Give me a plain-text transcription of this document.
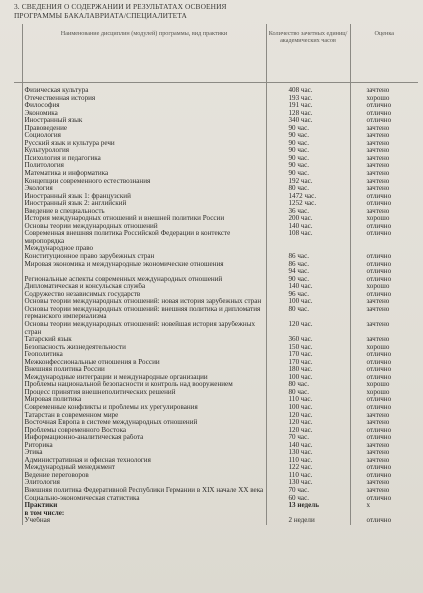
3. СВЕДЕНИЯ О СОДЕРЖАНИИ И РЕЗУЛЬТАТАХ ОСВОЕНИЯ
ПРОГРАММЫ БАКАЛАВРИАТА/СПЕЦИАЛИТЕТА
	Наименование дисциплин (модулей) программы, вид практики	Количество зачетных единиц/академических часов	Оценка

	Физическая культура	408 час.	зачтено
	Отечественная история	193 час.	хорошо
	Философия	191 час.	отлично
	Экономика	128 час.	отлично
	Иностранный язык	340 час.	отлично
	Правоведение	90 час.	зачтено
	Социология	90 час.	зачтено
	Русский язык и культура речи	90 час.	зачтено
	Культурология	90 час.	зачтено
	Психология и педагогика	90 час.	зачтено
	Политология	90 час.	зачтено
	Математика и информатика	90 час.	зачтено
	Концепции современного естествознания	192 час.	зачтено
	Экология	80 час.	зачтено
	Иностранный язык 1: французский	1472 час.	отлично
	Иностранный язык 2: английский	1252 час.	отлично
	Введение в специальность	36 час.	зачтено
	История международных отношений и внешней политики России	200 час.	хорошо
	Основы теории международных отношений	140 час.	отлично
	Современная внешняя политика Российской Федерации в контексте миропорядка	108 час.	отлично
	Международное право		
	Конституционное право зарубежных стран	86 час.	отлично
	Мировая экономика и международные экономические отношения	86 час.	отлично
		94 час.	отлично
	Региональные аспекты современных международных отношений	90 час.	отлично
	Дипломатическая и консульская служба	140 час.	хорошо
	Содружество независимых государств	96 час.	отлично
	Основы теории международных отношений: новая история зарубежных стран	100 час.	зачтено
	Основы теории международных отношений: внешняя политика и дипломатия германского империализма	80 час.	зачтено
	Основы теории международных отношений: новейшая история зарубежных стран	120 час.	зачтено
	Татарский язык	360 час.	зачтено
	Безопасность жизнедеятельности	150 час.	хорошо
	Геополитика	170 час.	отлично
	Межконфессиональные отношения в России	170 час.	отлично
	Внешняя политика России	180 час.	отлично
	Международные интеграции и международные организации	100 час.	отлично
	Проблемы национальной безопасности и контроль над вооружением	80 час.	хорошо
	Процесс принятия внешнеполитических решений	80 час.	хорошо
	Мировая политика	110 час.	отлично
	Современные конфликты и проблемы их урегулирования	100 час.	отлично
	Татарстан в современном мире	120 час.	зачтено
	Восточная Европа в системе международных отношений	120 час.	зачтено
	Проблемы современного Востока	120 час.	отлично
	Информационно-аналитическая работа	70 час.	отлично
	Риторика	140 час.	зачтено
	Этика	130 час.	зачтено
	Административная и офисная технология	110 час.	зачтено
	Международный менеджмент	122 час.	отлично
	Ведение переговоров	110 час.	отлично
	Элитология	130 час.	зачтено
	Внешняя политика Федеративной Республики Германии в XIX начале XX века	70 час.	зачтено
	Социально-экономическая статистика	60 час.	отлично
	Практики	13 недель	х
	в том числе:		
	Учебная	2 недели	отлично
